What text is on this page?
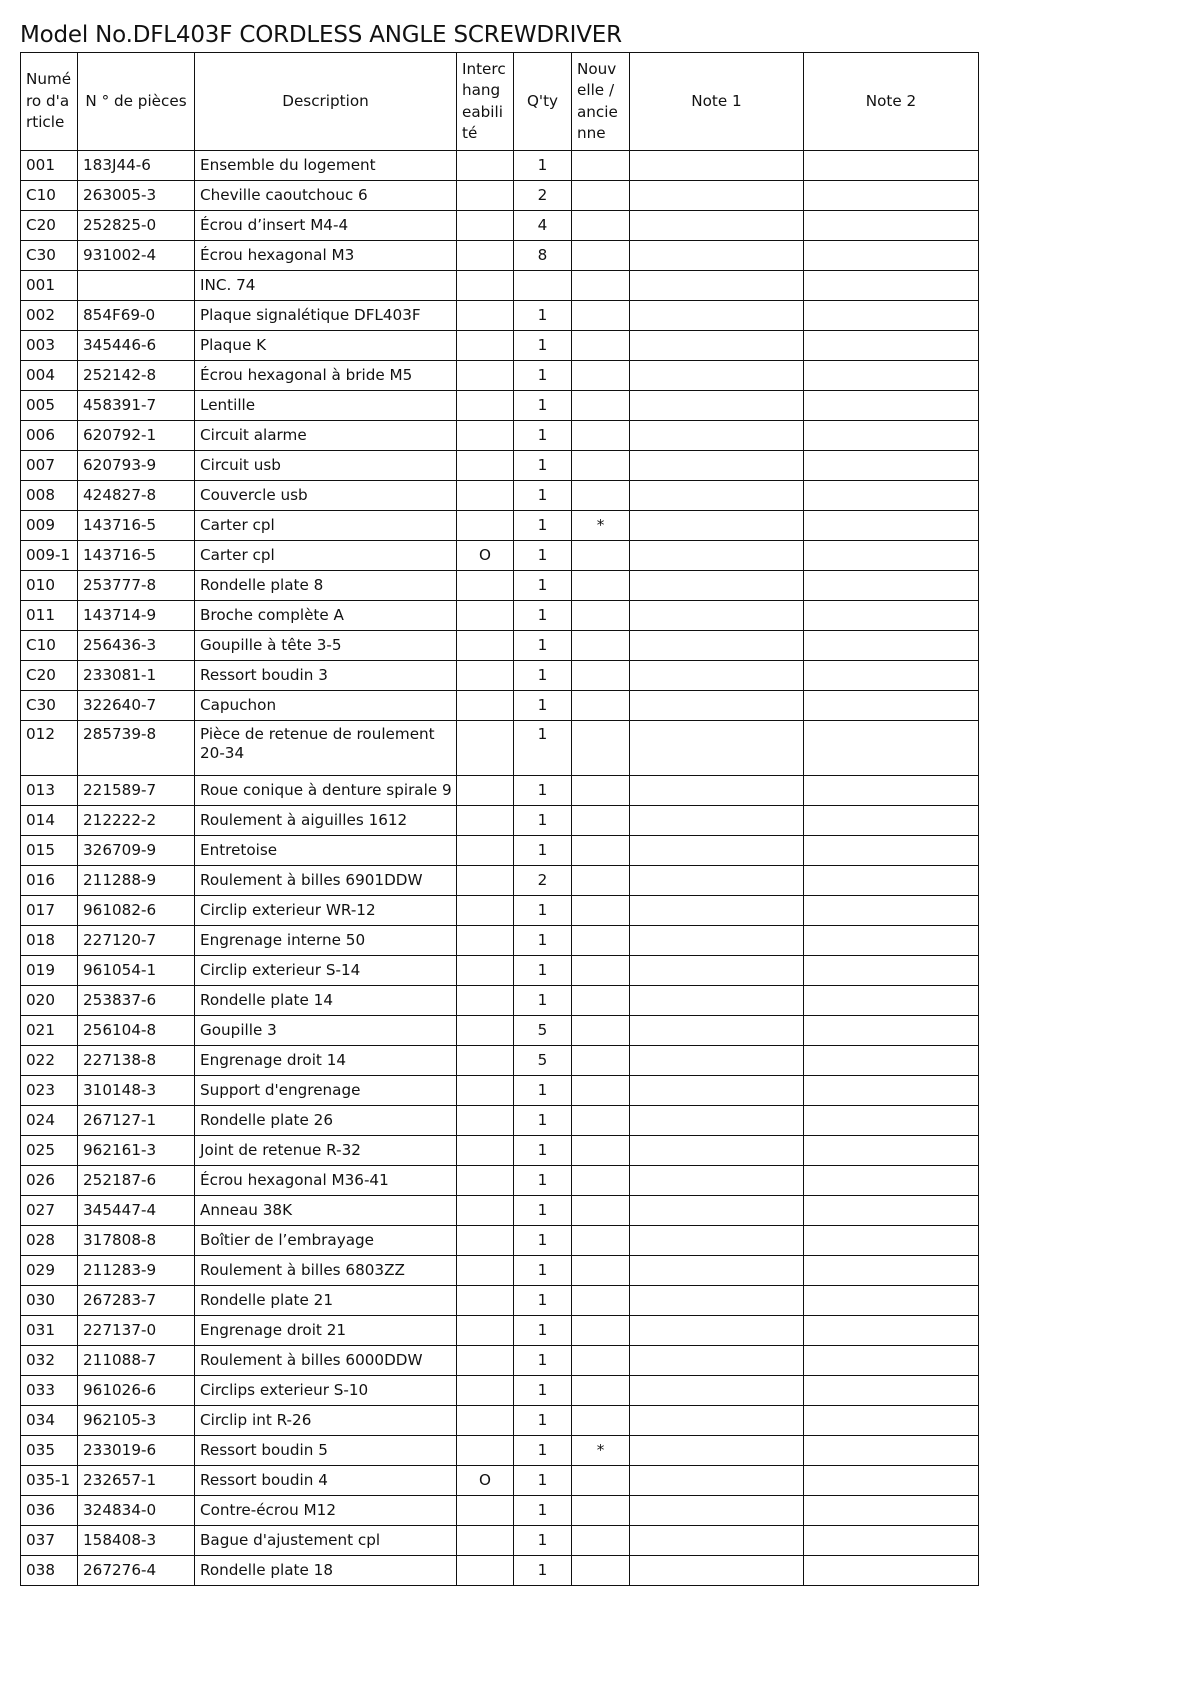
Model No.DFL403F CORDLESS ANGLE SCREWDRIVER
Numéro d'article	N ° de pièces	Description	Interchangeabilité	Q'ty	Nouvelle / ancienne	Note 1	Note 2
001	183J44-6	Ensemble du logement		1			
C10	263005-3	Cheville caoutchouc 6		2			
C20	252825-0	Écrou d’insert M4-4		4			
C30	931002-4	Écrou hexagonal M3		8			
001		INC. 74					
002	854F69-0	Plaque signalétique DFL403F		1			
003	345446-6	Plaque K		1			
004	252142-8	Écrou hexagonal à bride M5		1			
005	458391-7	Lentille		1			
006	620792-1	Circuit alarme		1			
007	620793-9	Circuit usb		1			
008	424827-8	Couvercle usb		1			
009	143716-5	Carter cpl		1	*		
009-1	143716-5	Carter cpl	O	1			
010	253777-8	Rondelle plate 8		1			
011	143714-9	Broche complète A		1			
C10	256436-3	Goupille à tête 3-5		1			
C20	233081-1	Ressort boudin 3		1			
C30	322640-7	Capuchon		1			
012	285739-8	Pièce de retenue de roulement 20-34		1			
013	221589-7	Roue conique à denture spirale 9		1			
014	212222-2	Roulement à aiguilles 1612		1			
015	326709-9	Entretoise		1			
016	211288-9	Roulement à billes 6901DDW		2			
017	961082-6	Circlip exterieur WR-12		1			
018	227120-7	Engrenage interne 50		1			
019	961054-1	Circlip exterieur S-14		1			
020	253837-6	Rondelle plate 14		1			
021	256104-8	Goupille 3		5			
022	227138-8	Engrenage droit 14		5			
023	310148-3	Support d'engrenage		1			
024	267127-1	Rondelle plate 26		1			
025	962161-3	Joint de retenue R-32		1			
026	252187-6	Écrou hexagonal M36-41		1			
027	345447-4	Anneau 38K		1			
028	317808-8	Boîtier de l’embrayage		1			
029	211283-9	Roulement à billes 6803ZZ		1			
030	267283-7	Rondelle plate 21		1			
031	227137-0	Engrenage droit 21		1			
032	211088-7	Roulement à billes 6000DDW		1			
033	961026-6	Circlips exterieur S-10		1			
034	962105-3	Circlip int R-26		1			
035	233019-6	Ressort boudin 5		1	*		
035-1	232657-1	Ressort boudin 4	O	1			
036	324834-0	Contre-écrou M12		1			
037	158408-3	Bague d'ajustement cpl		1			
038	267276-4	Rondelle plate 18		1			
